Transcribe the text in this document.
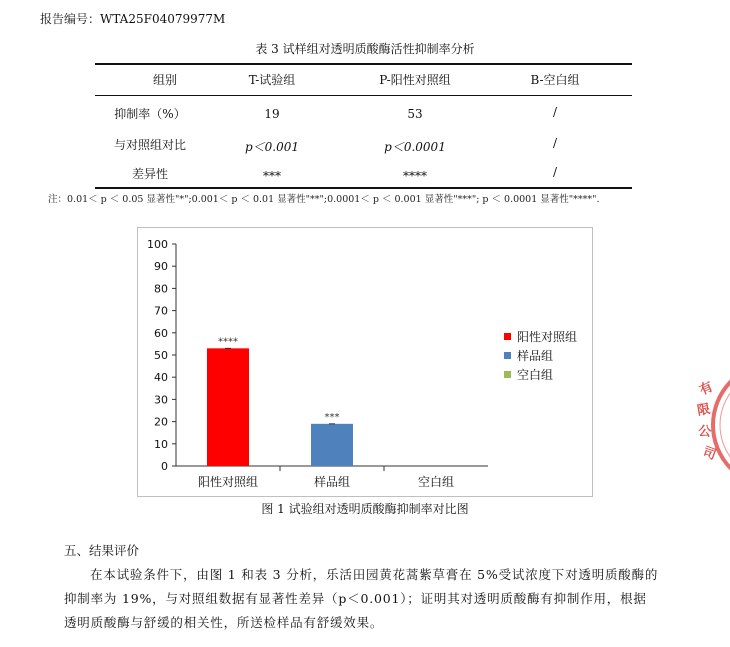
报告编号：WTA25F04079977M
表 3 试样组对透明质酸酶活性抑制率分析
组别	T-试验组	P-阳性对照组	B-空白组
抑制率（%）	19	53	/
与对照组对比	p＜0.001	p＜0.0001	/
差异性	***	****	/
注：0.01＜ p ＜ 0.05 显著性"*";0.001＜ p ＜ 0.01 显著性"**";0.0001＜ p ＜ 0.001 显著性"***"; p ＜ 0.0001 显著性"****".
0
10
20
30
40
50
60
70
80
90
100
****
阳性对照组
***
样品组	空白组
阳性对照组
样品组
空白组
图 1 试验组对透明质酸酶抑制率对比图
五、结果评价
在本试验条件下，由图 1 和表 3 分析，乐活田园黄花蒿紫草膏在 5%受试浓度下对透明质酸酶的
抑制率为 19%，与对照组数据有显著性差异（p＜0.001）；证明其对透明质酸酶有抑制作用，根据
透明质酸酶与舒缓的相关性，所送检样品有舒缓效果。
有
限
公
司
